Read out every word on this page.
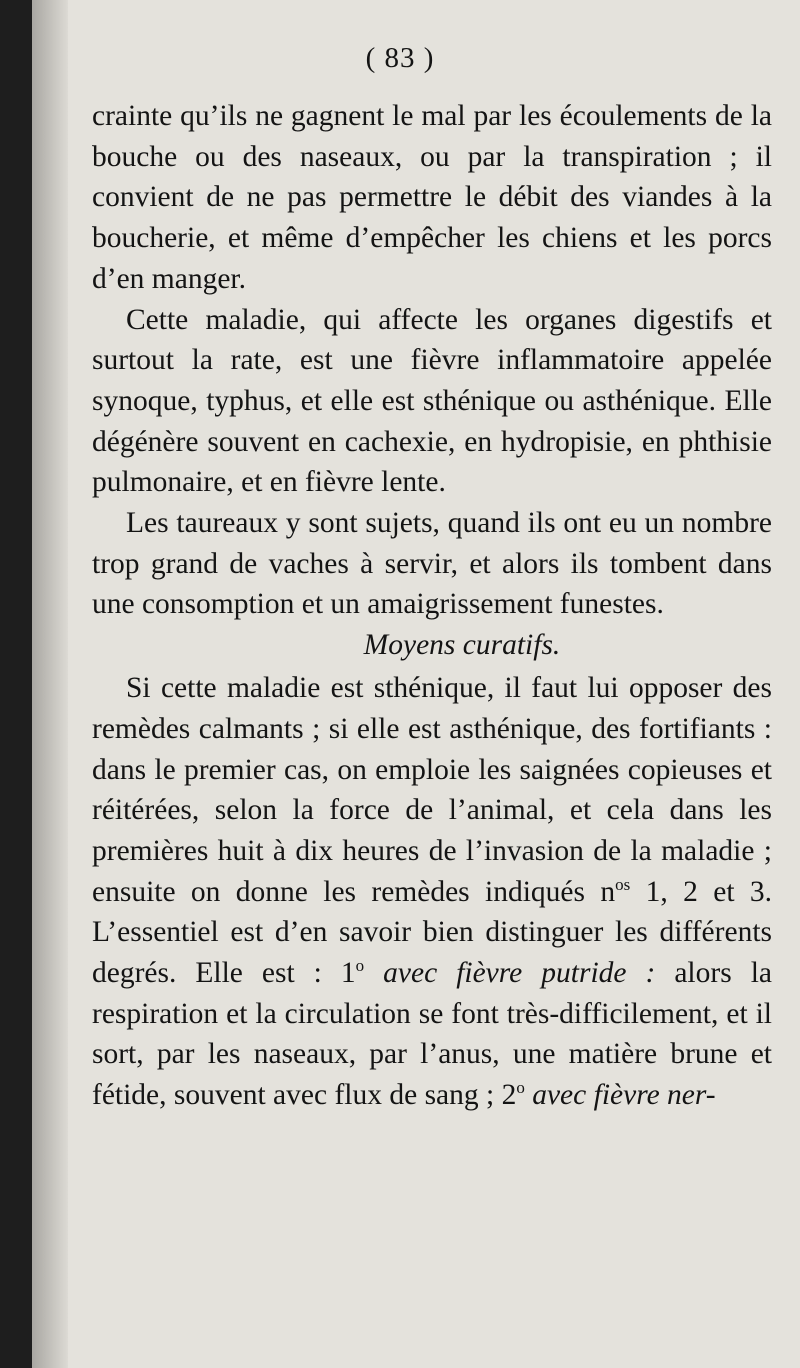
( 83 )

crainte qu’ils ne gagnent le mal par les écoulements de la bouche ou des naseaux, ou par la transpiration ; il convient de ne pas permettre le débit des viandes à la boucherie, et même d’empêcher les chiens et les porcs d’en manger.

Cette maladie, qui affecte les organes digestifs et surtout la rate, est une fièvre inflammatoire appelée synoque, typhus, et elle est sthénique ou asthénique. Elle dégénère souvent en cachexie, en hydropisie, en phthisie pulmonaire, et en fièvre lente.

Les taureaux y sont sujets, quand ils ont eu un nombre trop grand de vaches à servir, et alors ils tombent dans une consomption et un amaigrissement funestes.

Moyens curatifs.

Si cette maladie est sthénique, il faut lui opposer des remèdes calmants ; si elle est asthénique, des fortifiants : dans le premier cas, on emploie les saignées copieuses et réitérées, selon la force de l’animal, et cela dans les premières huit à dix heures de l’invasion de la maladie ; ensuite on donne les remèdes indiqués $n^{os}$ 1, 2 et 3. L’essentiel est d’en savoir bien distinguer les différents degrés. Elle est : 1$^o$ avec fièvre putride : alors la respiration et la circulation se font très-difficilement, et il sort, par les naseaux, par l’anus, une matière brune et fétide, souvent avec flux de sang ; 2$^o$ avec fièvre ner-
